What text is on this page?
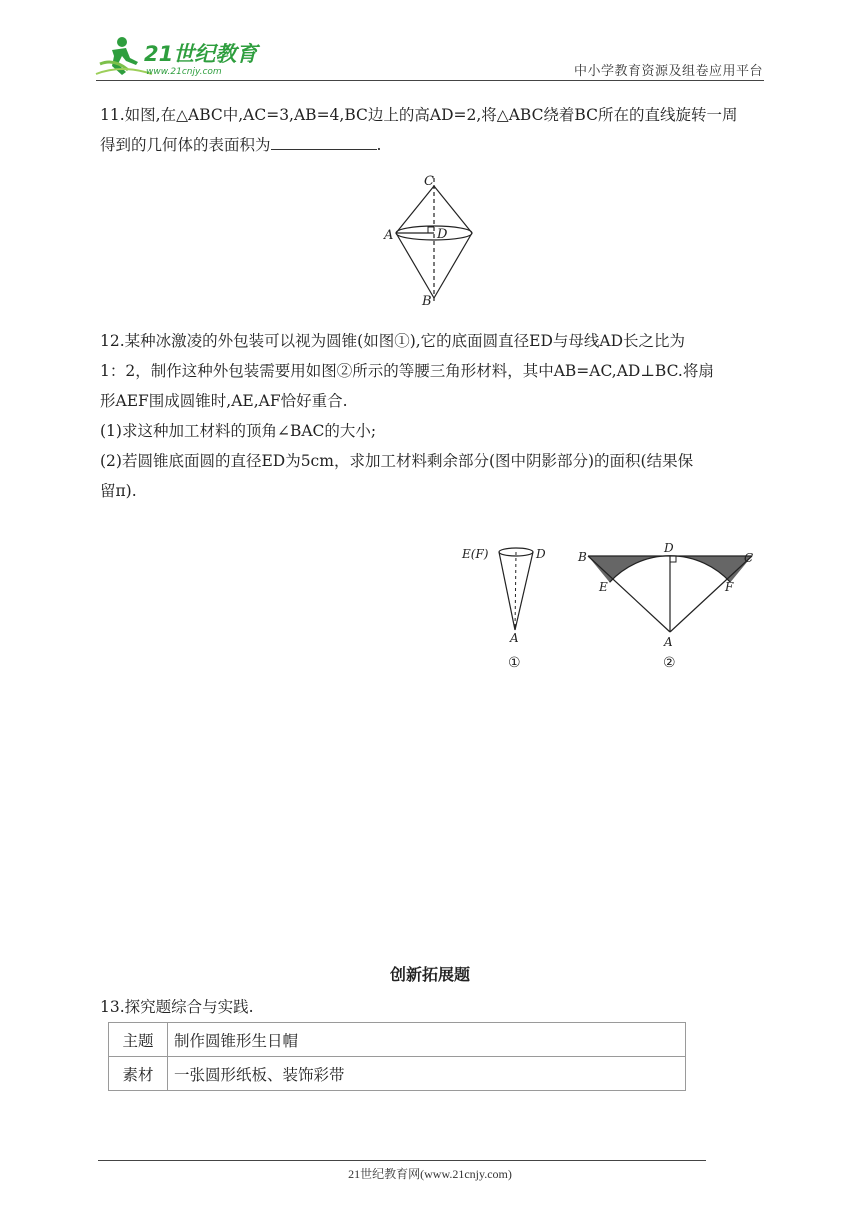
21世纪教育
www.21cnjy.com	中小学教育资源及组卷应用平台

11.如图,在△ABC中,AC=3,AB=4,BC边上的高AD=2,将△ABC绕着BC所在的直线旋转一周

得到的几何体的表面积为	.

C
A	D
B

12.某种冰激凌的外包装可以视为圆锥(如图①),它的底面圆直径ED与母线AD长之比为

1：2，制作这种外包装需要用如图②所示的等腰三角形材料，其中AB=AC,AD⊥BC.将扇

形AEF围成圆锥时,AE,AF恰好重合.

(1)求这种加工材料的顶角∠BAC的大小;

(2)若圆锥底面圆的直径ED为5cm，求加工材料剩余部分(图中阴影部分)的面积(结果保

留π).

E(F)	D
A
①
B
D
C
E	F
A
②
创新拓展题
13.探究题综合与实践.
主题	制作圆锥形生日帽
素材	一张圆形纸板、装饰彩带
21世纪教育网(www.21cnjy.com)
